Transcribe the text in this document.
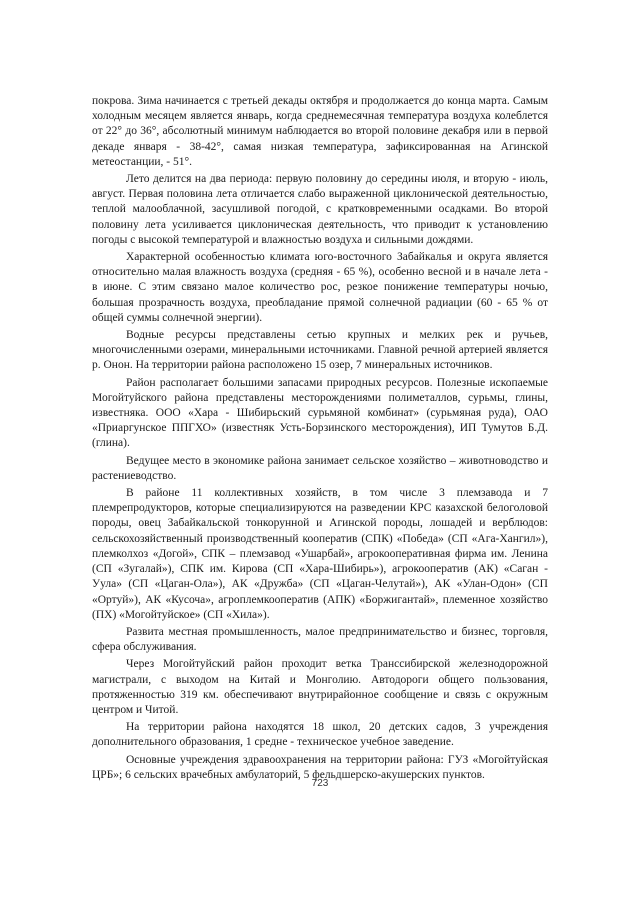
покрова. Зима начинается с третьей декады октября и продолжается до конца марта. Самым холодным месяцем является январь, когда среднемесячная температура воздуха колеблется от 22° до 36°, абсолютный минимум наблюдается во второй половине декабря или в первой декаде января - 38-42°, самая низкая температура, зафиксированная на Агинской метеостанции, - 51°.

Лето делится на два периода: первую половину до середины июля, и вторую - июль, август. Первая половина лета отличается слабо выраженной циклонической деятельностью, теплой малооблачной, засушливой погодой, с кратковременными осадками. Во второй половину лета усиливается циклоническая деятельность, что приводит к установлению погоды с высокой температурой и влажностью воздуха и сильными дождями.

Характерной особенностью климата юго-восточного Забайкалья и округа является относительно малая влажность воздуха (средняя - 65 %), особенно весной и в начале лета - в июне. С этим связано малое количество рос, резкое понижение температуры ночью, большая прозрачность воздуха, преобладание прямой солнечной радиации (60 - 65 % от общей суммы солнечной энергии).

Водные ресурсы представлены сетью крупных и мелких рек и ручьев, многочисленными озерами, минеральными источниками. Главной речной артерией является р. Онон. На территории района расположено 15 озер, 7 минеральных источников.

Район располагает большими запасами природных ресурсов. Полезные ископаемые Могойтуйского района представлены месторождениями полиметаллов, сурьмы, глины, известняка. ООО «Хара - Шибирьский сурьмяной комбинат» (сурьмяная руда), ОАО «Приаргунское ППГХО» (известняк Усть-Борзинского месторождения), ИП Тумутов Б.Д. (глина).

Ведущее место в экономике района занимает сельское хозяйство – животноводство и растениеводство.

В районе 11 коллективных хозяйств, в том числе 3 племзавода и 7 племрепродукторов, которые специализируются на разведении КРС казахской белоголовой породы, овец Забайкальской тонкорунной и Агинской породы, лошадей и верблюдов: сельскохозяйственный производственный кооператив (СПК) «Победа» (СП «Ага-Хангил»), племколхоз «Догой», СПК – племзавод «Ушарбай», агрокооперативная фирма им. Ленина (СП «Зугалай»), СПК им. Кирова (СП «Хара-Шибирь»), агрокооператив (АК) «Саган - Уула» (СП «Цаган-Ола»), АК «Дружба» (СП «Цаган-Челутай»), АК «Улан-Одон» (СП «Ортуй»), АК «Кусоча», агроплемкооператив (АПК) «Боржигантай», племенное хозяйство (ПХ) «Могойтуйское» (СП «Хила»).

Развита местная промышленность, малое предпринимательство и бизнес, торговля, сфера обслуживания.

Через Могойтуйский район проходит ветка Транссибирской железнодорожной магистрали, с выходом на Китай и Монголию. Автодороги общего пользования, протяженностью 319 км. обеспечивают внутрирайонное сообщение и связь с окружным центром и Читой.

На территории района находятся 18 школ, 20 детских садов, 3 учреждения дополнительного образования, 1 средне - техническое учебное заведение.

Основные учреждения здравоохранения на территории района: ГУЗ «Могойтуйская ЦРБ»; 6 сельских врачебных амбулаторий, 5 фельдшерско-акушерских пунктов.

723
